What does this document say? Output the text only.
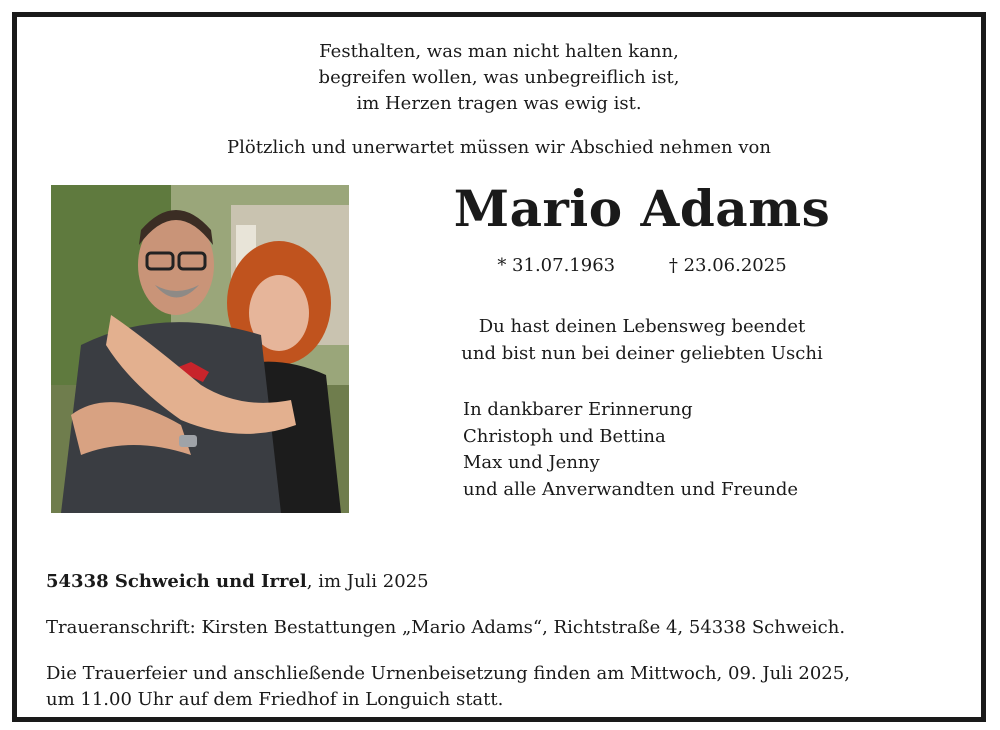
Festhalten, was man nicht halten kann,
begreifen wollen, was unbegreiflich ist,
im Herzen tragen was ewig ist.
Plötzlich und unerwartet müssen wir Abschied nehmen von
Mario Adams
* 31.07.1963	† 23.06.2025
Du hast deinen Lebensweg beendet
und bist nun bei deiner geliebten Uschi
In dankbarer Erinnerung
Christoph und Bettina
Max und Jenny
und alle Anverwandten und Freunde
54338 Schweich und Irrel, im Juli 2025
Traueranschrift: Kirsten Bestattungen „Mario Adams“, Richtstraße 4, 54338 Schweich.
Die Trauerfeier und anschließende Urnenbeisetzung finden am Mittwoch, 09. Juli 2025,
um 11.00 Uhr auf dem Friedhof in Longuich statt.
